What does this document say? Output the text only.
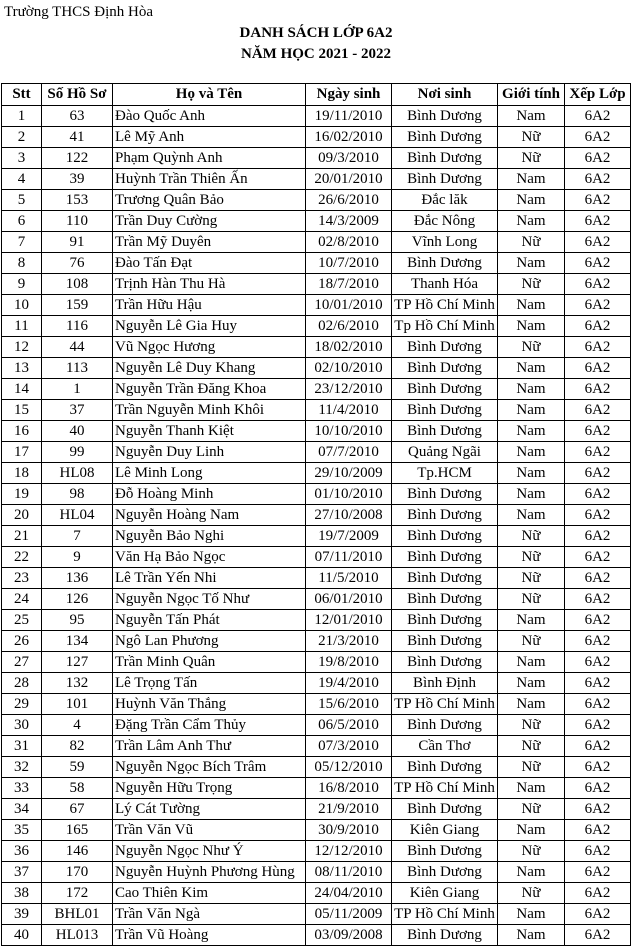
Trường THCS Định Hòa
DANH SÁCH LỚP 6A2
NĂM HỌC 2021 - 2022
Stt	Số Hồ Sơ	Họ và Tên	Ngày sinh	Nơi sinh	Giới tính	Xếp Lớp
1	63	Đào Quốc Anh	19/11/2010	Bình Dương	Nam	6A2
2	41	Lê Mỹ Anh	16/02/2010	Bình Dương	Nữ	6A2
3	122	Phạm Quỳnh Anh	09/3/2010	Bình Dương	Nữ	6A2
4	39	Huỳnh Trần Thiên Ấn	20/01/2010	Bình Dương	Nam	6A2
5	153	Trương Quân Bảo	26/6/2010	Đắc lăk	Nam	6A2
6	110	Trần Duy Cường	14/3/2009	Đắc Nông	Nam	6A2
7	91	Trần Mỹ Duyên	02/8/2010	Vĩnh Long	Nữ	6A2
8	76	Đào Tấn Đạt	10/7/2010	Bình Dương	Nam	6A2
9	108	Trịnh Hàn Thu Hà	18/7/2010	Thanh Hóa	Nữ	6A2
10	159	Trần Hữu Hậu	10/01/2010	TP Hồ Chí Minh	Nam	6A2
11	116	Nguyễn Lê Gia Huy	02/6/2010	Tp Hồ Chí Minh	Nam	6A2
12	44	Vũ Ngọc Hương	18/02/2010	Bình Dương	Nữ	6A2
13	113	Nguyễn Lê Duy Khang	02/10/2010	Bình Dương	Nam	6A2
14	1	Nguyễn Trần Đăng Khoa	23/12/2010	Bình Dương	Nam	6A2
15	37	Trần Nguyễn Minh Khôi	11/4/2010	Bình Dương	Nam	6A2
16	40	Nguyễn Thanh Kiệt	10/10/2010	Bình Dương	Nam	6A2
17	99	Nguyễn Duy Linh	07/7/2010	Quảng Ngãi	Nam	6A2
18	HL08	Lê Minh Long	29/10/2009	Tp.HCM	Nam	6A2
19	98	Đỗ Hoàng Minh	01/10/2010	Bình Dương	Nam	6A2
20	HL04	Nguyễn Hoàng Nam	27/10/2008	Bình Dương	Nam	6A2
21	7	Nguyễn Bảo Nghi	19/7/2009	Bình Dương	Nữ	6A2
22	9	Văn Hạ Bảo Ngọc	07/11/2010	Bình Dương	Nữ	6A2
23	136	Lê Trần Yến Nhi	11/5/2010	Bình Dương	Nữ	6A2
24	126	Nguyễn Ngọc Tố Như	06/01/2010	Bình Dương	Nữ	6A2
25	95	Nguyễn Tấn Phát	12/01/2010	Bình Dương	Nam	6A2
26	134	Ngô Lan Phương	21/3/2010	Bình Dương	Nữ	6A2
27	127	Trần Minh Quân	19/8/2010	Bình Dương	Nam	6A2
28	132	Lê Trọng Tấn	19/4/2010	Bình Định	Nam	6A2
29	101	Huỳnh Văn Thắng	15/6/2010	TP Hồ Chí Minh	Nam	6A2
30	4	Đặng Trần Cẩm Thủy	06/5/2010	Bình Dương	Nữ	6A2
31	82	Trần Lâm Anh Thư	07/3/2010	Cần Thơ	Nữ	6A2
32	59	Nguyễn Ngọc Bích Trâm	05/12/2010	Bình Dương	Nữ	6A2
33	58	Nguyễn Hữu Trọng	16/8/2010	TP Hồ Chí Minh	Nam	6A2
34	67	Lý Cát Tường	21/9/2010	Bình Dương	Nữ	6A2
35	165	Trần Văn Vũ	30/9/2010	Kiên Giang	Nam	6A2
36	146	Nguyễn Ngọc Như Ý	12/12/2010	Bình Dương	Nữ	6A2
37	170	Nguyễn Huỳnh Phương Hùng	08/11/2010	Bình Dương	Nam	6A2
38	172	Cao Thiên Kim	24/04/2010	Kiên Giang	Nữ	6A2
39	BHL01	Trần Văn Ngà	05/11/2009	TP Hồ Chí Minh	Nam	6A2
40	HL013	Trần Vũ Hoàng	03/09/2008	Bình Dương	Nam	6A2
